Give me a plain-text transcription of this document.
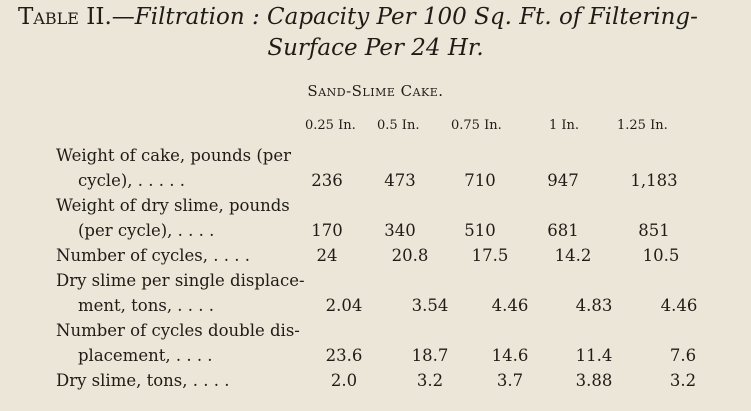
Table II.—Filtration : Capacity Per 100 Sq. Ft. of Filtering-
Surface Per 24 Hr.
Sand-Slime Cake.
0.25 In. 0.5 In. 0.75 In.	1 In.	1.25 In.
Weight of cake, pounds (per
cycle), . . . . .	236	473	710	947	1,183
Weight of dry slime, pounds
(per cycle), . . . .	170	340	510	681	851
Number of cycles, . . . .	24	20.8	17.5	14.2	10.5
Dry slime per single displace-
ment, tons, . . . .	2.04	3.54	4.46	4.83	4.46
Number of cycles double dis-
placement, . . . .	23.6	18.7	14.6	11.4	7.6
Dry slime, tons, . . . .	2.0	3.2	3.7	3.88	3.2
